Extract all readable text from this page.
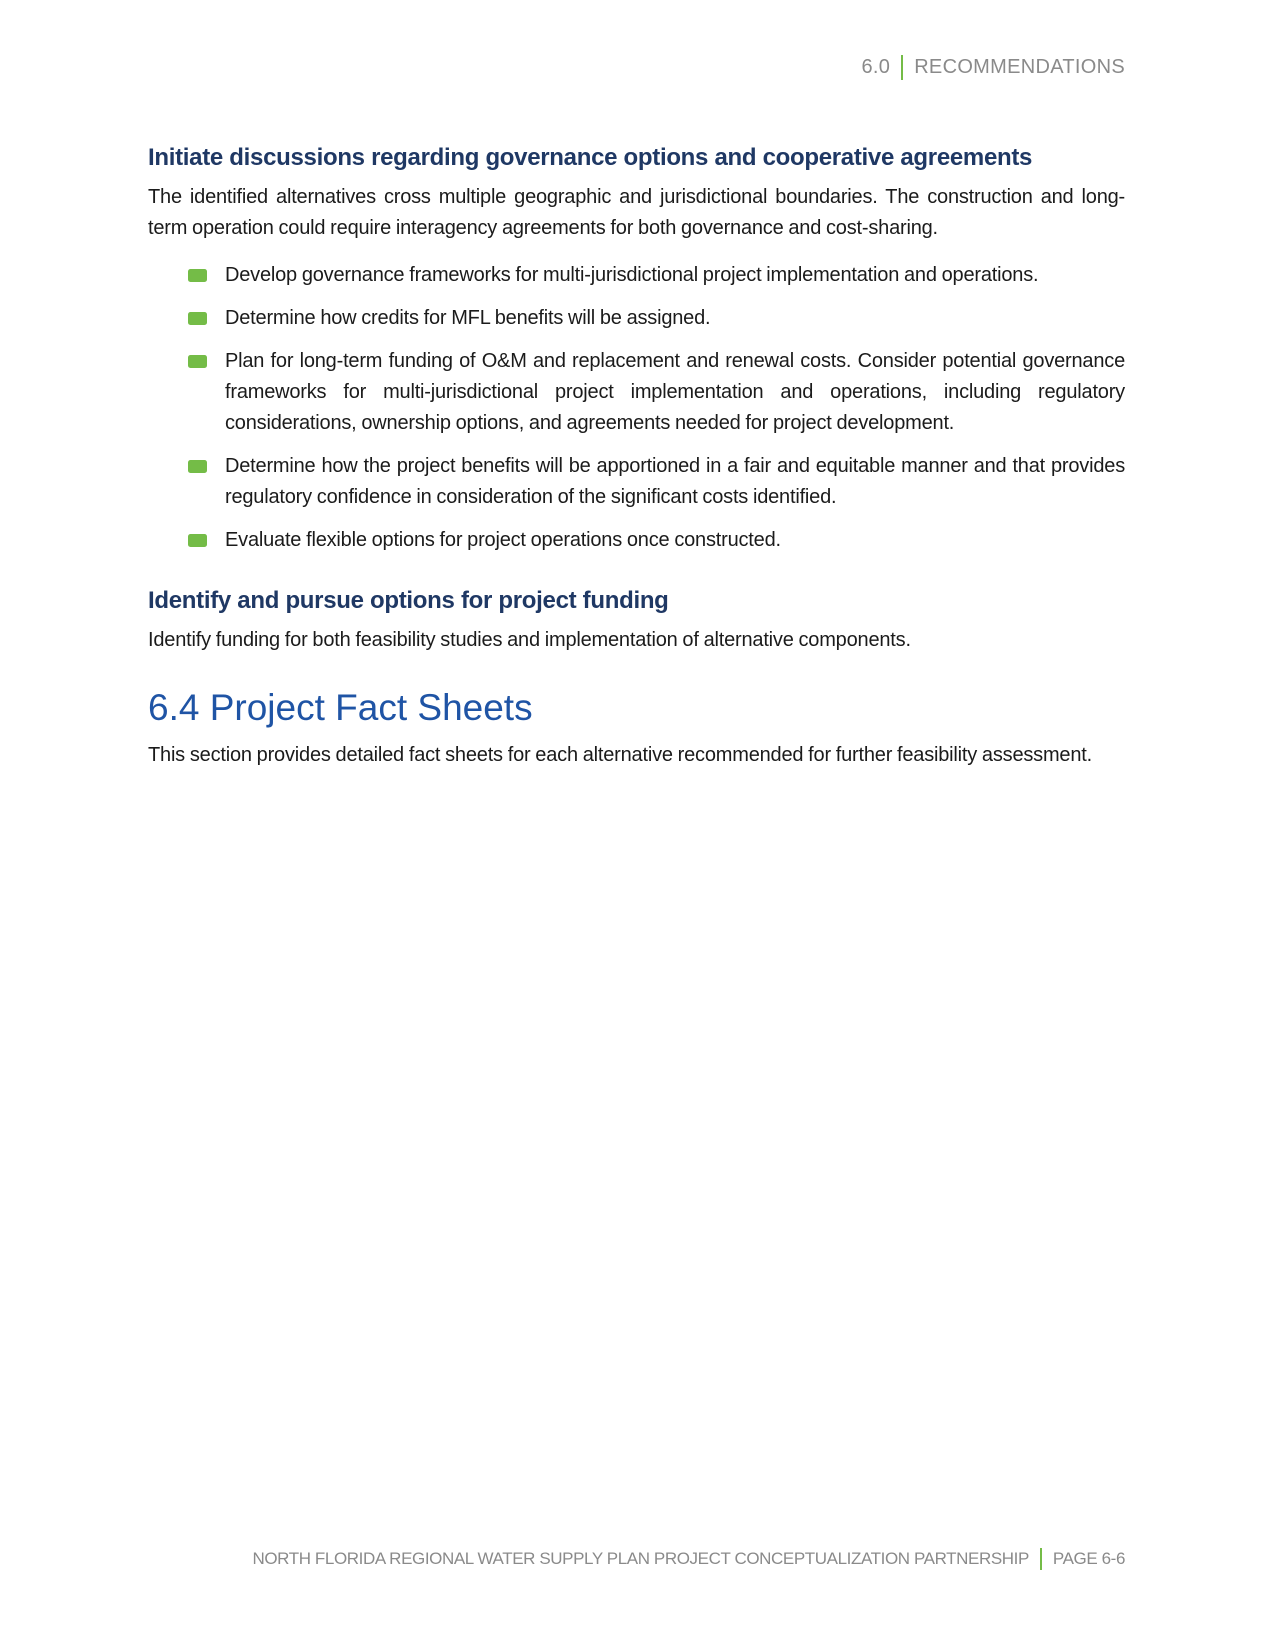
6.0 RECOMMENDATIONS
Initiate discussions regarding governance options and cooperative agreements

The identified alternatives cross multiple geographic and jurisdictional boundaries. The construction and long-term operation could require interagency agreements for both governance and cost-sharing.

Develop governance frameworks for multi-jurisdictional project implementation and operations.
Determine how credits for MFL benefits will be assigned.
Plan for long-term funding of O&M and replacement and renewal costs. Consider potential governance frameworks for multi-jurisdictional project implementation and operations, including regulatory considerations, ownership options, and agreements needed for project development.
Determine how the project benefits will be apportioned in a fair and equitable manner and that provides regulatory confidence in consideration of the significant costs identified.
Evaluate flexible options for project operations once constructed.
Identify and pursue options for project funding

Identify funding for both feasibility studies and implementation of alternative components.

6.4 Project Fact Sheets

This section provides detailed fact sheets for each alternative recommended for further feasibility assessment.

NORTH FLORIDA REGIONAL WATER SUPPLY PLAN PROJECT CONCEPTUALIZATION PARTNERSHIP PAGE 6-6
